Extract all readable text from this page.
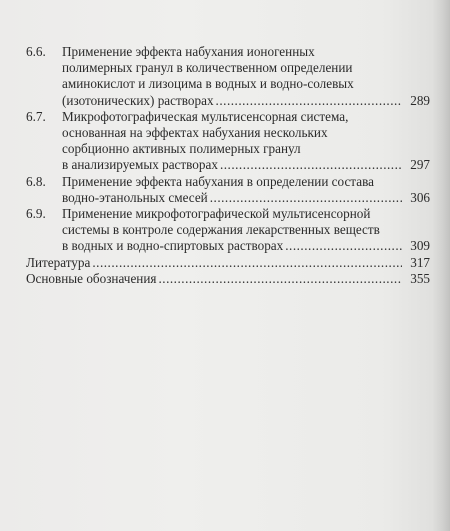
6.6.	Применение эффекта набухания ионогенных
полимерных гранул в количественном определении
аминокислот и лизоцима в водных и водно-солевых
(изотонических) растворах .....	289
6.7.	Микрофотографическая мультисенсорная система,
основанная на эффектах набухания нескольких
сорбционно активных полимерных гранул
в анализируемых растворах .....	297
6.8.	Применение эффекта набухания в определении состава
водно-этанольных смесей .....	306
6.9.	Применение микрофотографической мультисенсорной
системы в контроле содержания лекарственных веществ
в водных и водно-спиртовых растворах .....	309
Литература .....	317
Основные обозначения .....	355
